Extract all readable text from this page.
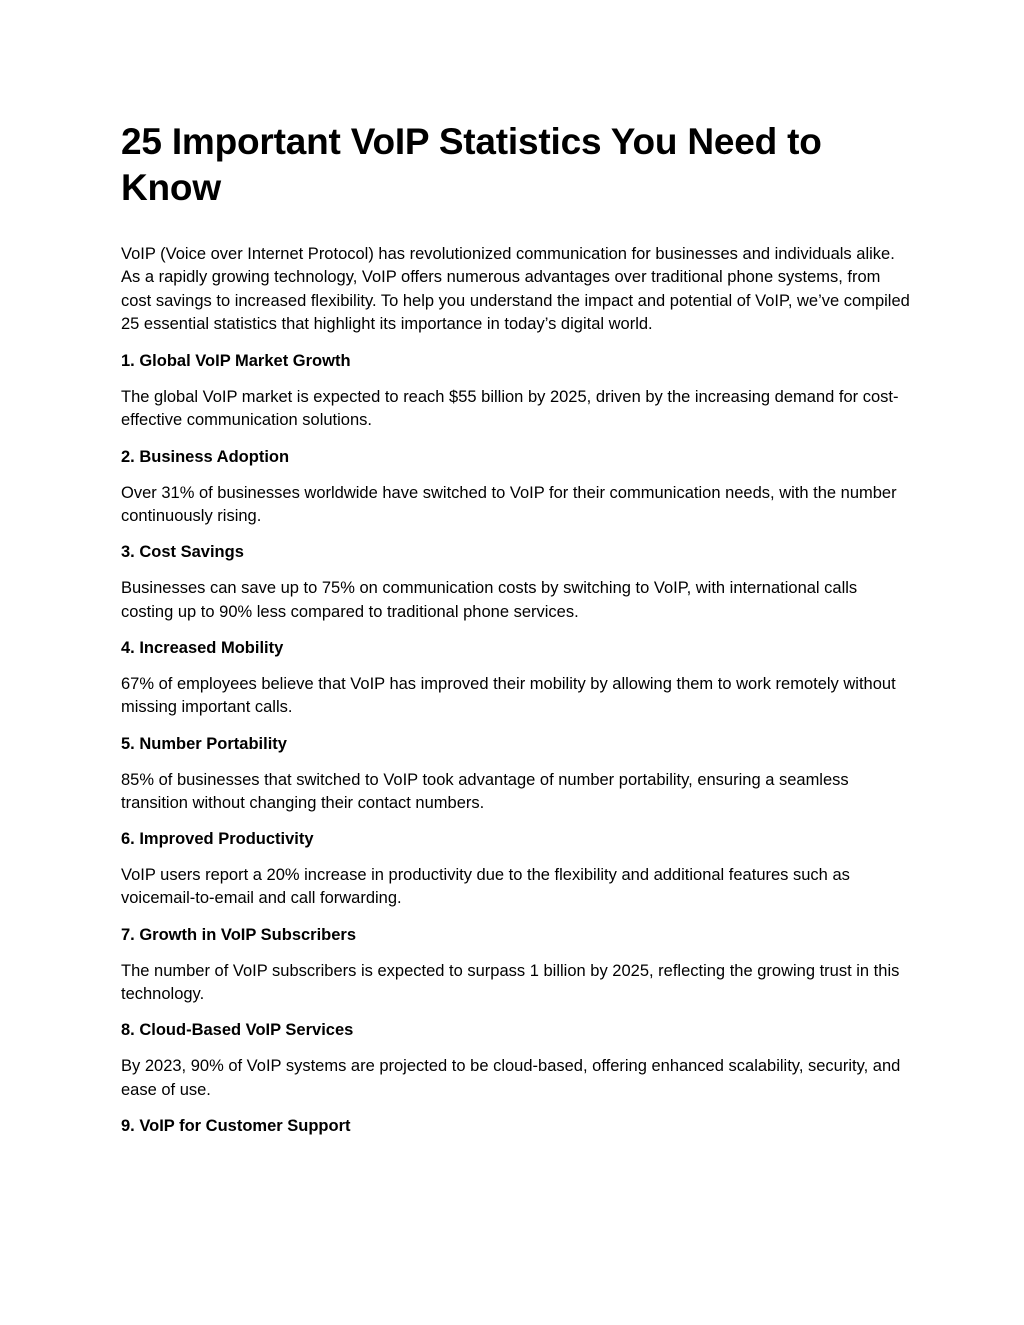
25 Important VoIP Statistics You Need to Know

VoIP (Voice over Internet Protocol) has revolutionized communication for businesses and individuals alike. As a rapidly growing technology, VoIP offers numerous advantages over traditional phone systems, from cost savings to increased flexibility. To help you understand the impact and potential of VoIP, we’ve compiled 25 essential statistics that highlight its importance in today’s digital world.

1. Global VoIP Market Growth

The global VoIP market is expected to reach $55 billion by 2025, driven by the increasing demand for cost-effective communication solutions.

2. Business Adoption

Over 31% of businesses worldwide have switched to VoIP for their communication needs, with the number continuously rising.

3. Cost Savings

Businesses can save up to 75% on communication costs by switching to VoIP, with international calls costing up to 90% less compared to traditional phone services.

4. Increased Mobility

67% of employees believe that VoIP has improved their mobility by allowing them to work remotely without missing important calls.

5. Number Portability

85% of businesses that switched to VoIP took advantage of number portability, ensuring a seamless transition without changing their contact numbers.

6. Improved Productivity

VoIP users report a 20% increase in productivity due to the flexibility and additional features such as voicemail-to-email and call forwarding.

7. Growth in VoIP Subscribers

The number of VoIP subscribers is expected to surpass 1 billion by 2025, reflecting the growing trust in this technology.

8. Cloud-Based VoIP Services

By 2023, 90% of VoIP systems are projected to be cloud-based, offering enhanced scalability, security, and ease of use.

9. VoIP for Customer Support
